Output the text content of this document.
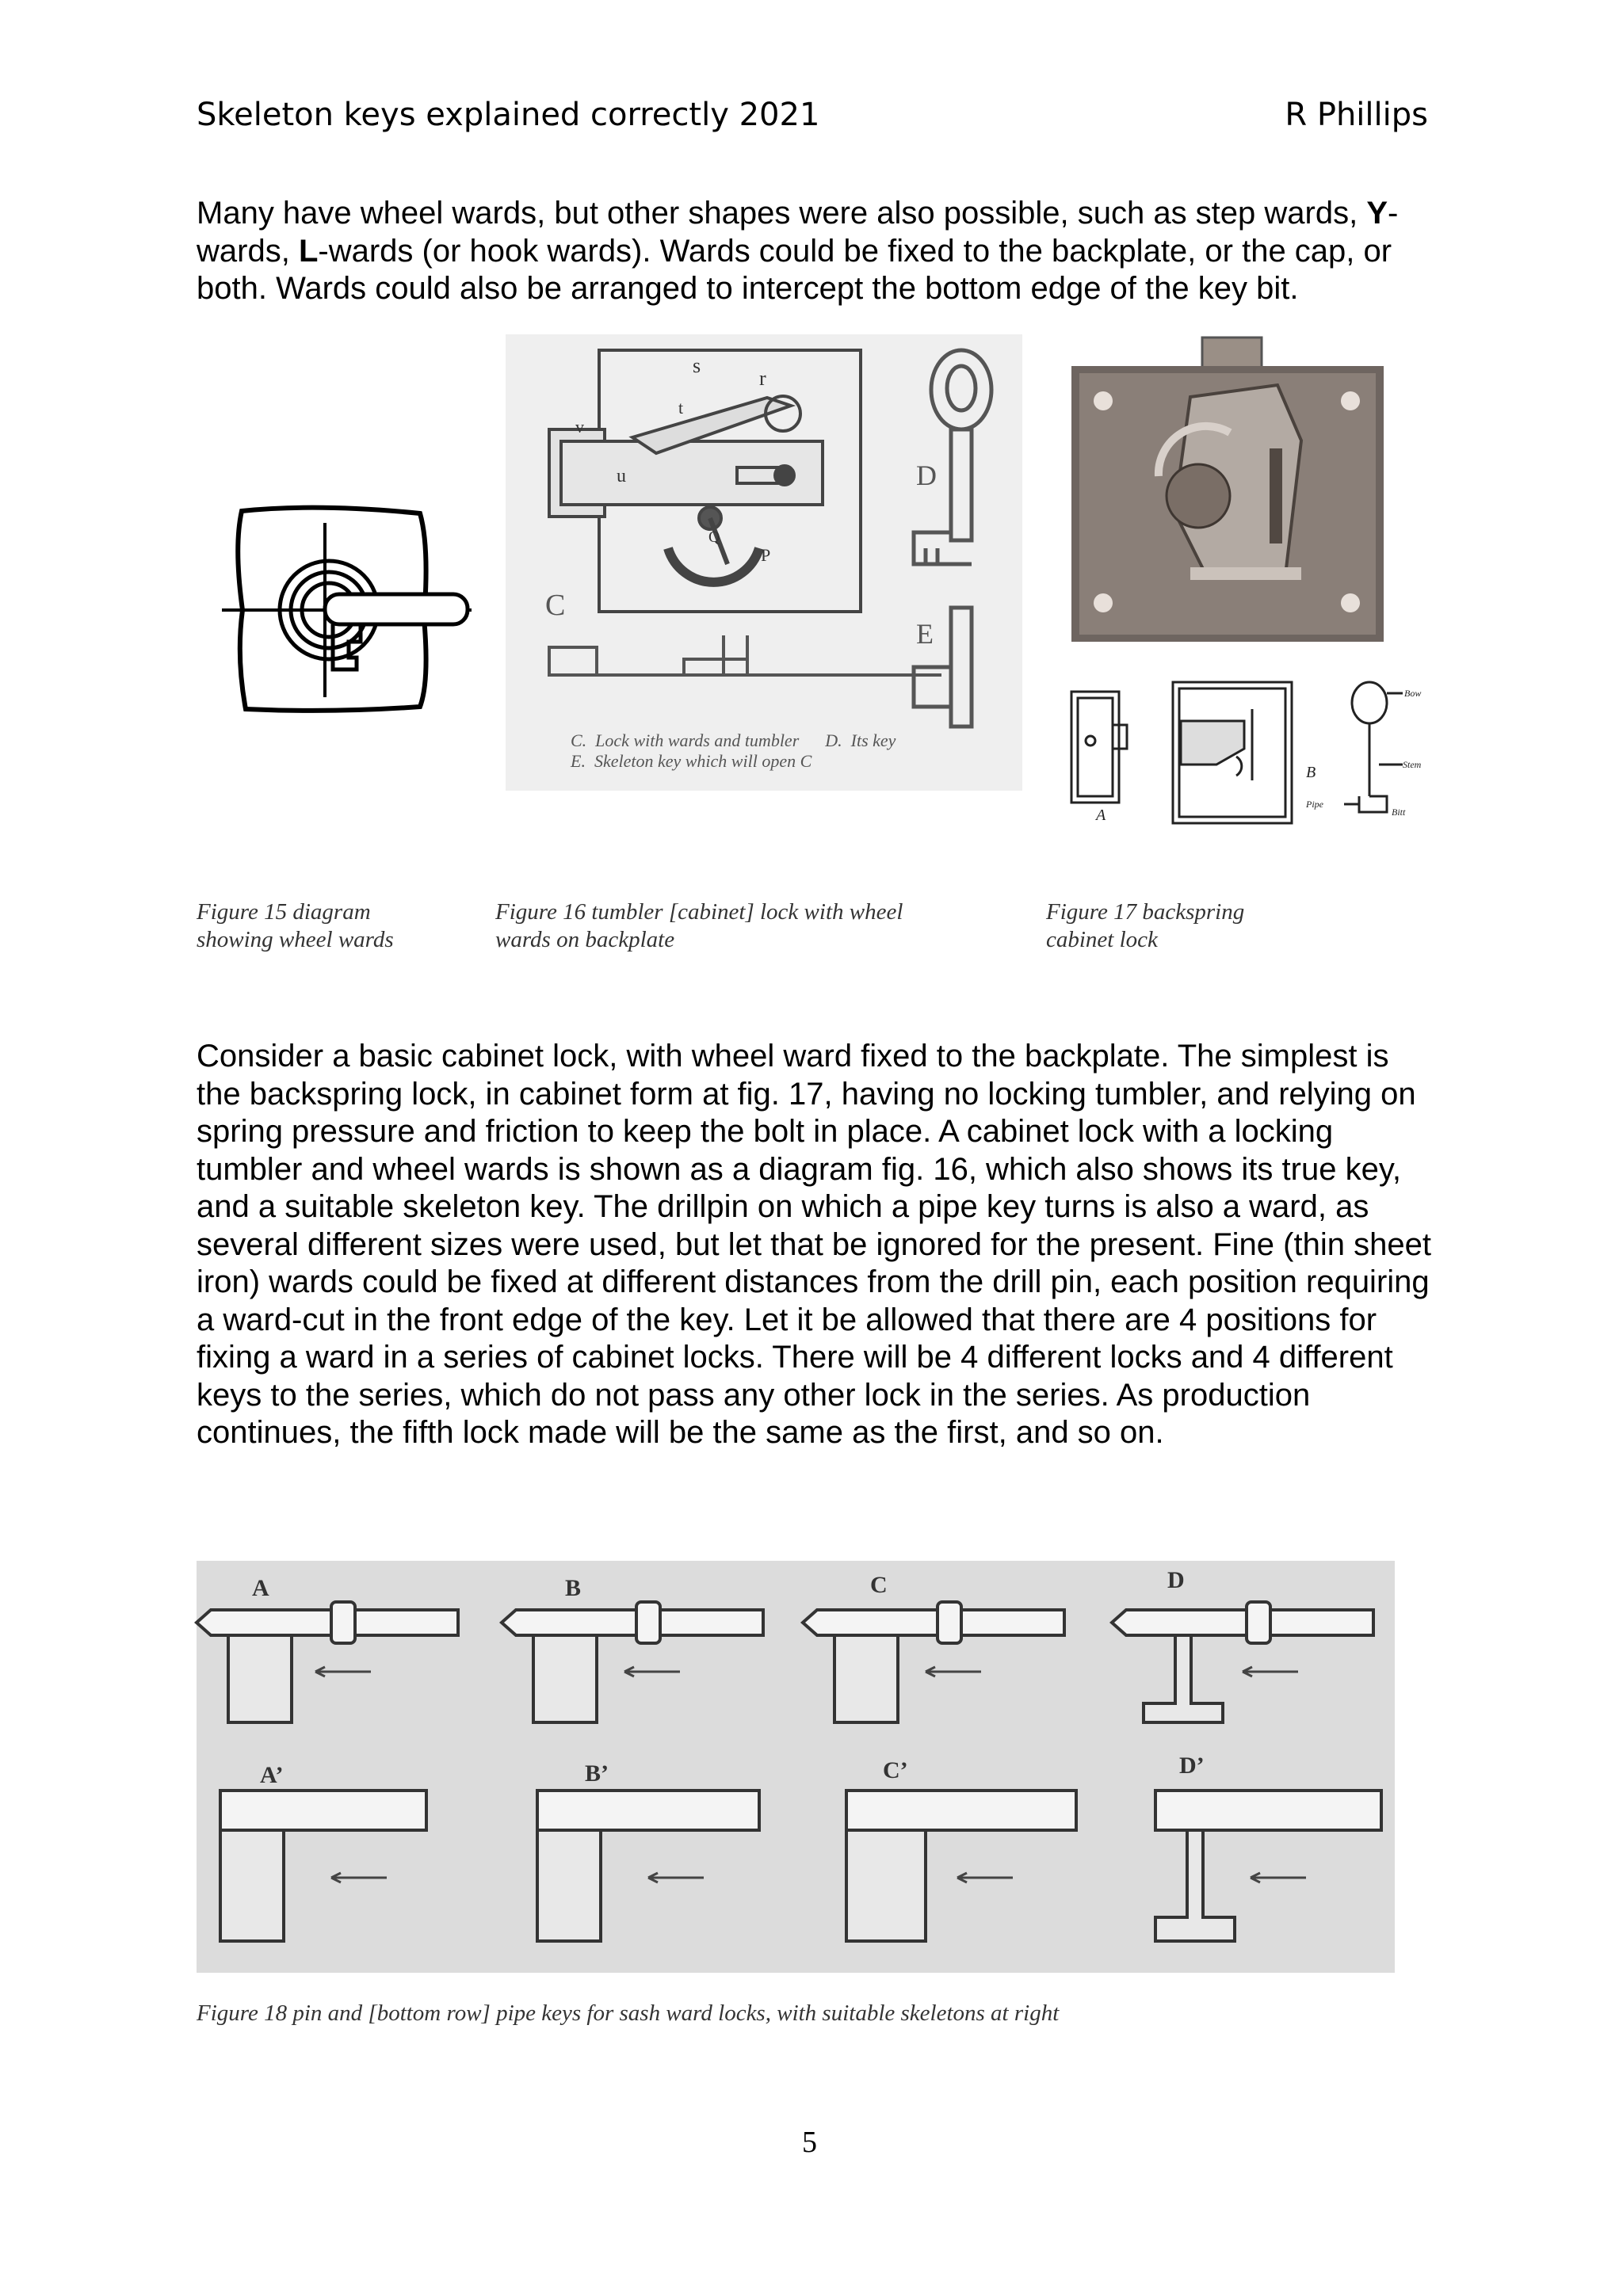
Skeleton keys explained correctly 2021	R Phillips
Many have wheel wards, but other shapes were also possible, such as step wards, Y-wards, L-wards (or hook wards). Wards could be fixed to the backplate, or the cap, or both. Wards could also be arranged to intercept the bottom edge of the key bit.
s
t
r
v
u
P
Q
C
D
E
C.  Lock with wards and tumbler      D.  Its key
E.  Skeleton key which will open C
A
B
Bow
Stem
Pipe
Bitt
Figure 15 diagram showing wheel wards
Figure 16 tumbler [cabinet] lock with wheel wards on backplate
Figure 17 backspring cabinet lock
Consider a basic cabinet lock, with wheel ward fixed to the backplate. The simplest is the backspring lock, in cabinet form at fig. 17, having no locking tumbler, and relying on spring pressure and friction to keep the bolt in place. A cabinet lock with a locking tumbler and wheel wards is shown as a diagram fig. 16, which also shows its true key, and a suitable skeleton key. The drillpin on which a pipe key turns is also a ward, as several different sizes were used, but let that be ignored for the present. Fine (thin sheet iron) wards could be fixed at different distances from the drill pin, each position requiring a ward-cut in the front edge of the key. Let it be allowed that there are 4 positions for fixing a ward in a series of cabinet locks. There will be 4 different locks and 4 different keys to the series, which do not pass any other lock in the series. As production continues, the fifth lock made will be the same as the first, and so on.
A	B	C	D
A’	B’	C’	D’
Figure 18 pin and [bottom row] pipe keys for sash ward locks, with suitable skeletons at right
5
